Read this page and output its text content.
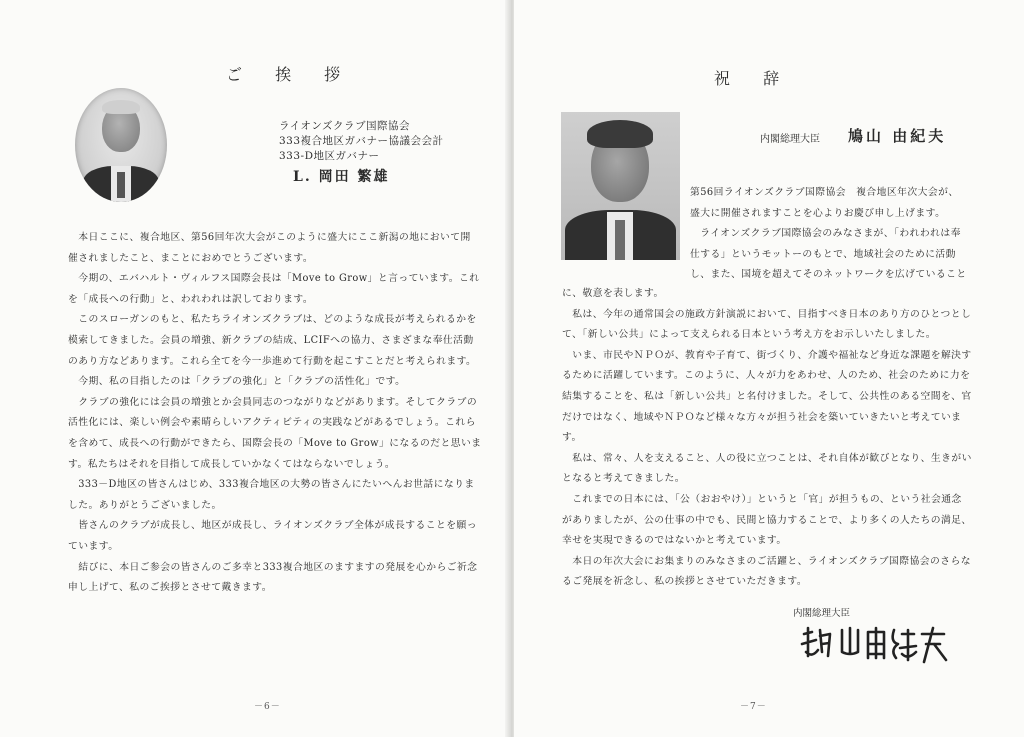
ご 挨 拶
ライオンズクラブ国際協会
333複合地区ガバナー協議会会計
333-D地区ガバナー
L. 岡田 繁雄

　本日ここに、複合地区、第56回年次大会がこのように盛大にここ新潟の地において開

催されましたこと、まことにおめでとうございます。

　今期の、エバハルト・ヴィルフス国際会長は「Move to Grow」と言っています。これ

を「成長への行動」と、われわれは訳しております。

　このスローガンのもと、私たちライオンズクラブは、どのような成長が考えられるかを

模索してきました。会員の増強、新クラブの結成、LCIFへの協力、さまざまな奉仕活動

のあり方などあります。これら全てを今一歩進めて行動を起こすことだと考えられます。

　今期、私の目指したのは「クラブの強化」と「クラブの活性化」です。

　クラブの強化には会員の増強とか会員同志のつながりなどがあります。そしてクラブの

活性化には、楽しい例会や素晴らしいアクティビティの実践などがあるでしょう。これら

を含めて、成長への行動ができたら、国際会長の「Move to Grow」になるのだと思いま

す。私たちはそれを目指して成長していかなくてはならないでしょう。

　333－D地区の皆さんはじめ、333複合地区の大勢の皆さんにたいへんお世話になりま

した。ありがとうございました。

　皆さんのクラブが成長し、地区が成長し、ライオンズクラブ全体が成長することを願っ

ています。

　結びに、本日ご参会の皆さんのご多幸と333複合地区のますますの発展を心からご祈念

申し上げて、私のご挨拶とさせて戴きます。

－6－
祝 辞
内閣総理大臣 鳩山 由紀夫

第56回ライオンズクラブ国際協会　複合地区年次大会が、

盛大に開催されますことを心よりお慶び申し上げます。

　ライオンズクラブ国際協会のみなさまが、「われわれは奉

仕する」というモットーのもとで、地域社会のために活動

し、また、国境を超えてそのネットワークを広げていること

に、敬意を表します。

　私は、今年の通常国会の施政方針演説において、目指すべき日本のあり方のひとつとし

て、「新しい公共」によって支えられる日本という考え方をお示しいたしました。

　いま、市民やＮＰＯが、教育や子育て、街づくり、介護や福祉など身近な課題を解決す

るために活躍しています。このように、人々が力をあわせ、人のため、社会のために力を

結集することを、私は「新しい公共」と名付けました。そして、公共性のある空間を、官

だけではなく、地域やＮＰＯなど様々な方々が担う社会を築いていきたいと考えていま

す。

　私は、常々、人を支えること、人の役に立つことは、それ自体が歓びとなり、生きがい

となると考えてきました。

　これまでの日本には、「公（おおやけ）」というと「官」が担うもの、という社会通念

がありましたが、公の仕事の中でも、民間と協力することで、より多くの人たちの満足、

幸せを実現できるのではないかと考えています。

　本日の年次大会にお集まりのみなさまのご活躍と、ライオンズクラブ国際協会のさらな

るご発展を祈念し、私の挨拶とさせていただきます。

内閣総理大臣
－7－
